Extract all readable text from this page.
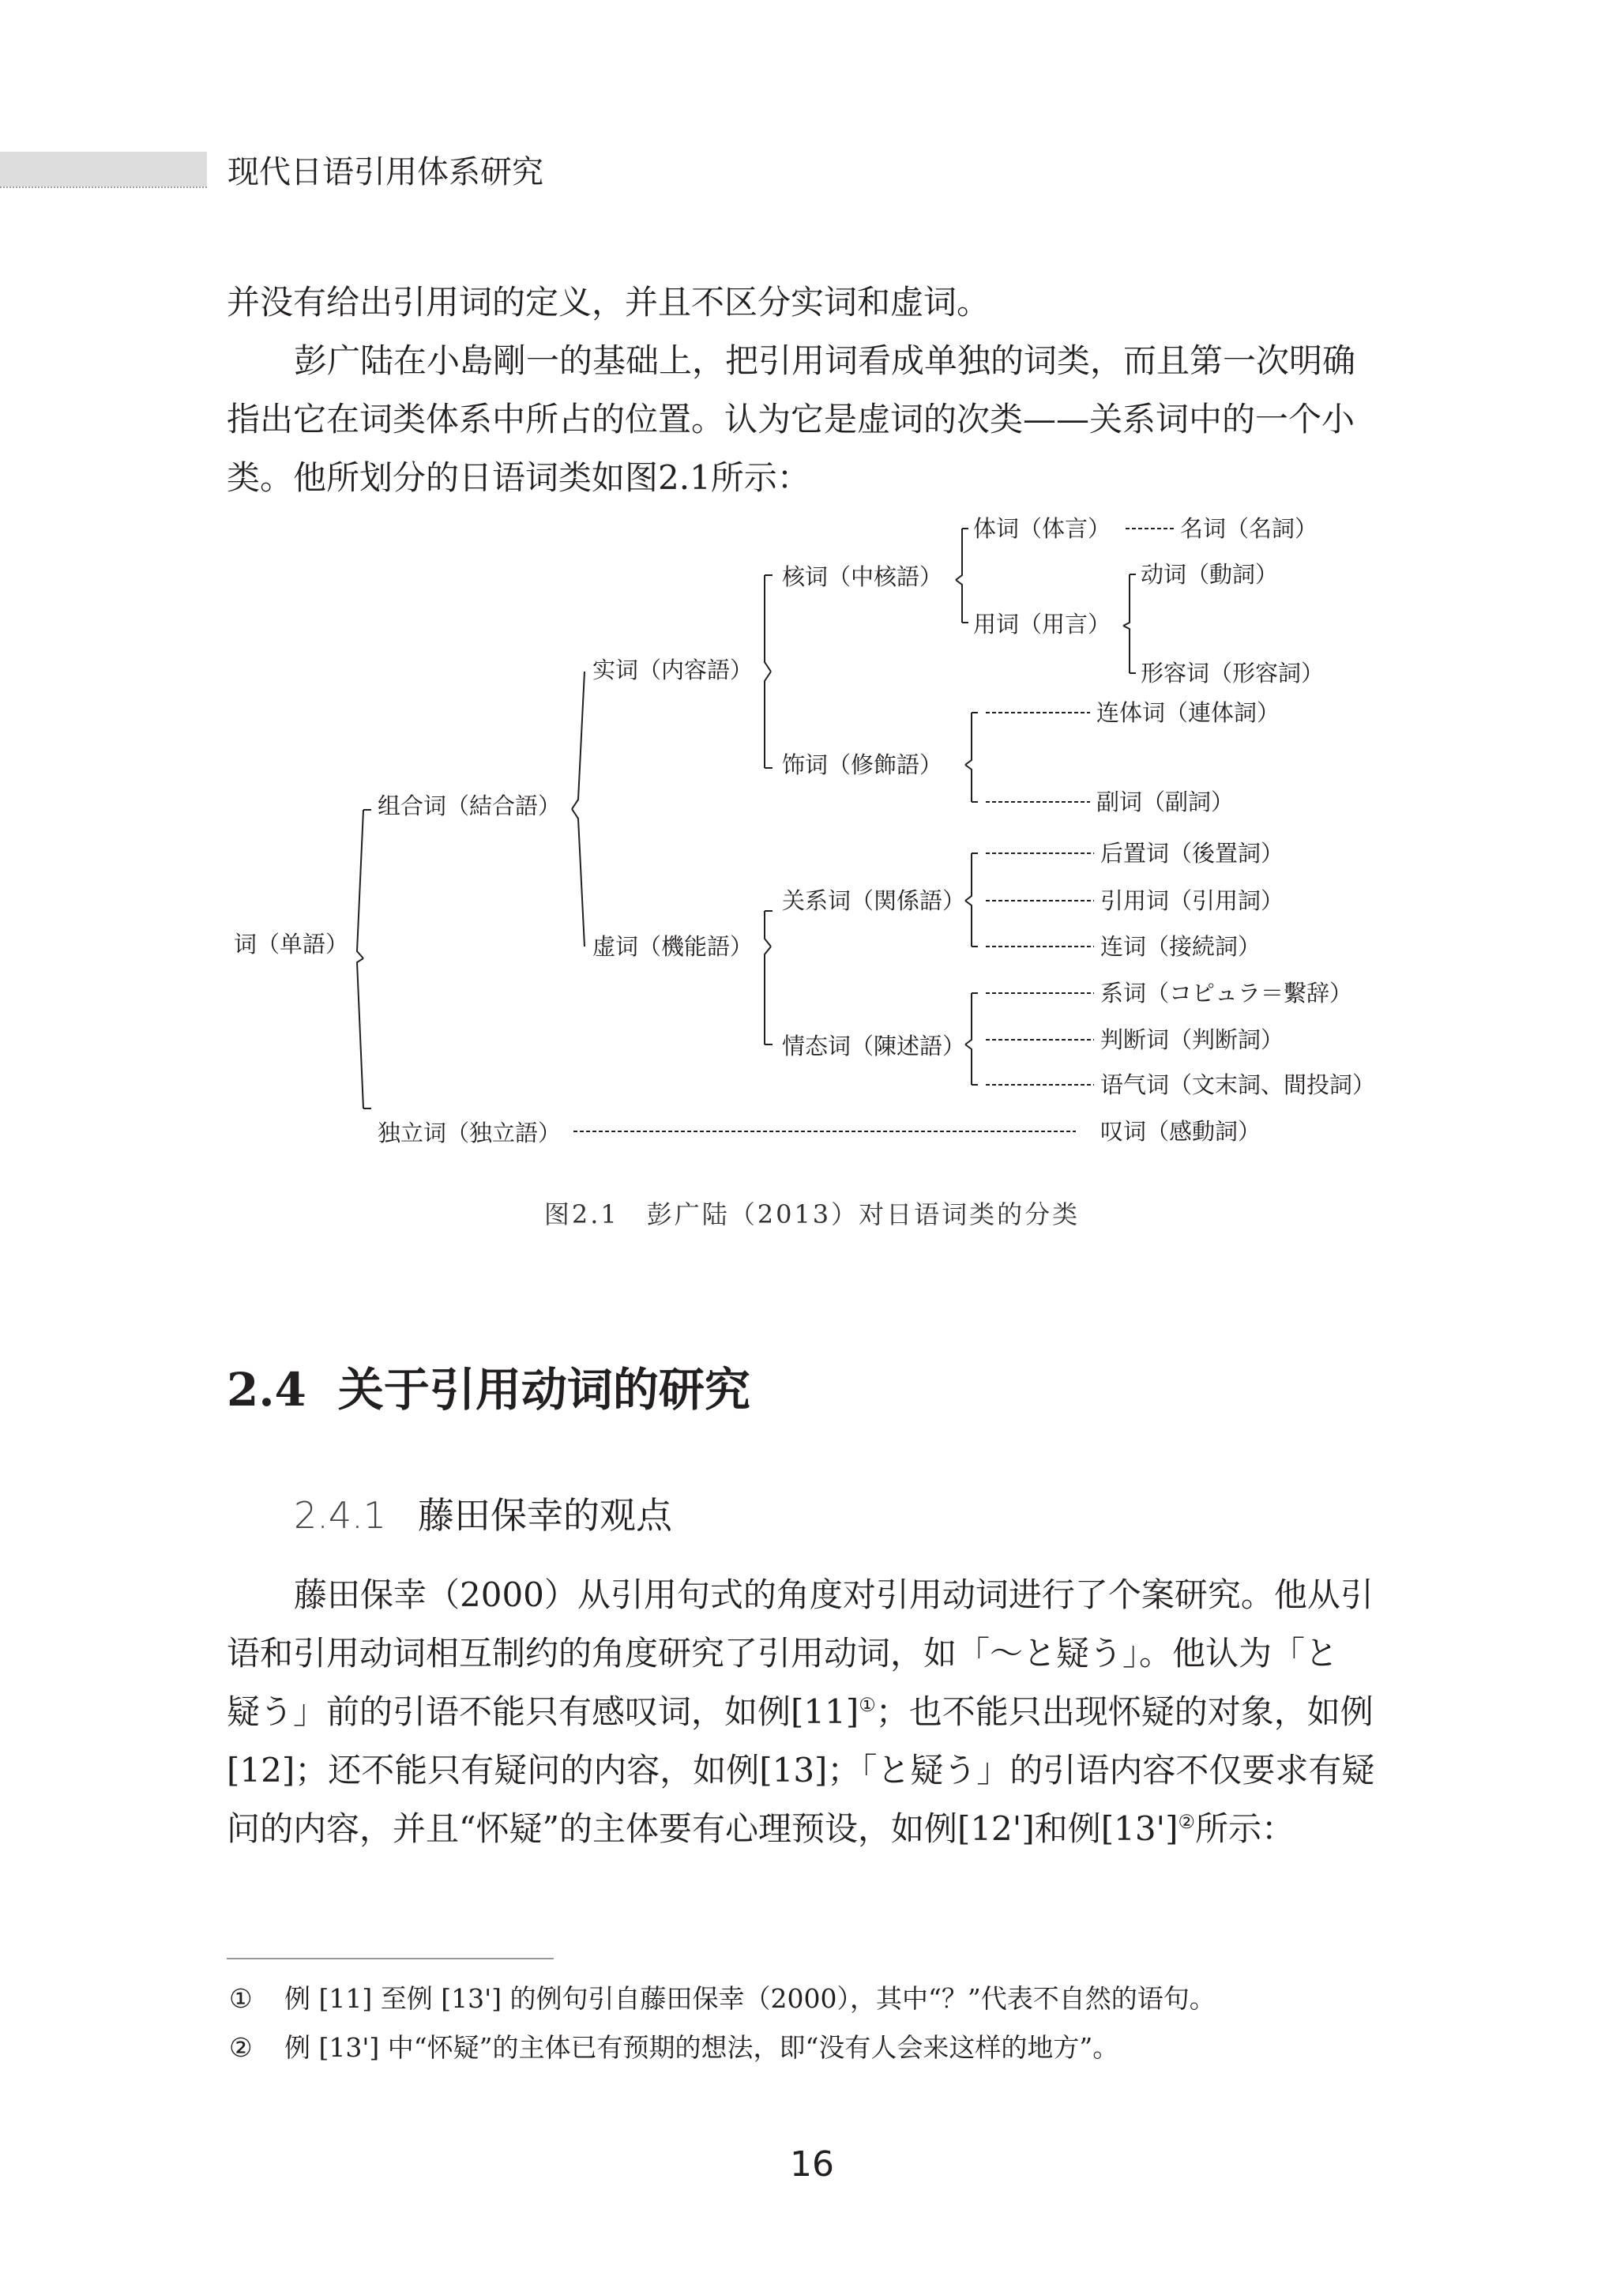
现代日语引用体系研究
并没有给出引用词的定义，并且不区分实词和虚词。
彭广陆在小島剛一的基础上，把引用词看成单独的词类，而且第一次明确
指出它在词类体系中所占的位置。认为它是虚词的次类——关系词中的一个小
类。他所划分的日语词类如图2.1所示：
词（单語）
组合词（結合語）
独立词（独立語）
实词（内容語）
虚词（機能語）
核词（中核語）
饰词（修飾語）
关系词（関係語）
情态词（陳述語）
体词（体言）
用词（用言）
名词（名詞）
动词（動詞）
形容词（形容詞）
连体词（連体詞）
副词（副詞）
后置词（後置詞）
引用词（引用詞）
连词（接続詞）
系词（コピュラ＝繫辞）
判断词（判断詞）
语气词（文末詞、間投詞）
叹词（感動詞）
图2.1　彭广陆（2013）对日语词类的分类
2.4 关于引用动词的研究
2.4.1 藤田保幸的观点
藤田保幸（2000）从引用句式的角度对引用动词进行了个案研究。他从引
语和引用动词相互制约的角度研究了引用动词，如「～と疑う」。他认为「と
疑う」前的引语不能只有感叹词，如例[11]①；也不能只出现怀疑的对象，如例
[12]；还不能只有疑问的内容，如例[13]；「と疑う」的引语内容不仅要求有疑
问的内容，并且“怀疑”的主体要有心理预设，如例[12']和例[13']②所示：
① 例 [11] 至例 [13'] 的例句引自藤田保幸（2000），其中“？”代表不自然的语句。
② 例 [13'] 中“怀疑”的主体已有预期的想法，即“没有人会来这样的地方”。
16
